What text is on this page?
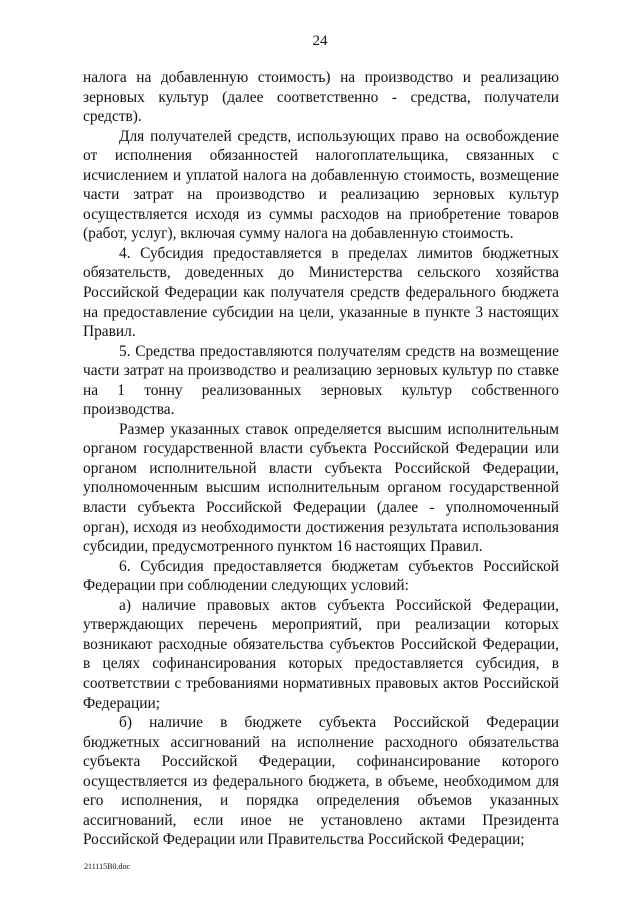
24

налога на добавленную стоимость) на производство и реализацию зерновых культур (далее соответственно - средства, получатели средств).

Для получателей средств, использующих право на освобождение от исполнения обязанностей налогоплательщика, связанных с исчислением и уплатой налога на добавленную стоимость, возмещение части затрат на производство и реализацию зерновых культур осуществляется исходя из суммы расходов на приобретение товаров (работ, услуг), включая сумму налога на добавленную стоимость.

4. Субсидия предоставляется в пределах лимитов бюджетных обязательств, доведенных до Министерства сельского хозяйства Российской Федерации как получателя средств федерального бюджета на предоставление субсидии на цели, указанные в пункте 3 настоящих Правил.

5. Средства предоставляются получателям средств на возмещение части затрат на производство и реализацию зерновых культур по ставке на 1 тонну реализованных зерновых культур собственного производства.

Размер указанных ставок определяется высшим исполнительным органом государственной власти субъекта Российской Федерации или органом исполнительной власти субъекта Российской Федерации, уполномоченным высшим исполнительным органом государственной власти субъекта Российской Федерации (далее - уполномоченный орган), исходя из необходимости достижения результата использования субсидии, предусмотренного пунктом 16 настоящих Правил.

6. Субсидия предоставляется бюджетам субъектов Российской Федерации при соблюдении следующих условий:

а) наличие правовых актов субъекта Российской Федерации, утверждающих перечень мероприятий, при реализации которых возникают расходные обязательства субъектов Российской Федерации, в целях софинансирования которых предоставляется субсидия, в соответствии с требованиями нормативных правовых актов Российской Федерации;

б) наличие в бюджете субъекта Российской Федерации бюджетных ассигнований на исполнение расходного обязательства субъекта Российской Федерации, софинансирование которого осуществляется из федерального бюджета, в объеме, необходимом для его исполнения, и порядка определения объемов указанных ассигнований, если иное не установлено актами Президента Российской Федерации или Правительства Российской Федерации;

211115B0.doc
